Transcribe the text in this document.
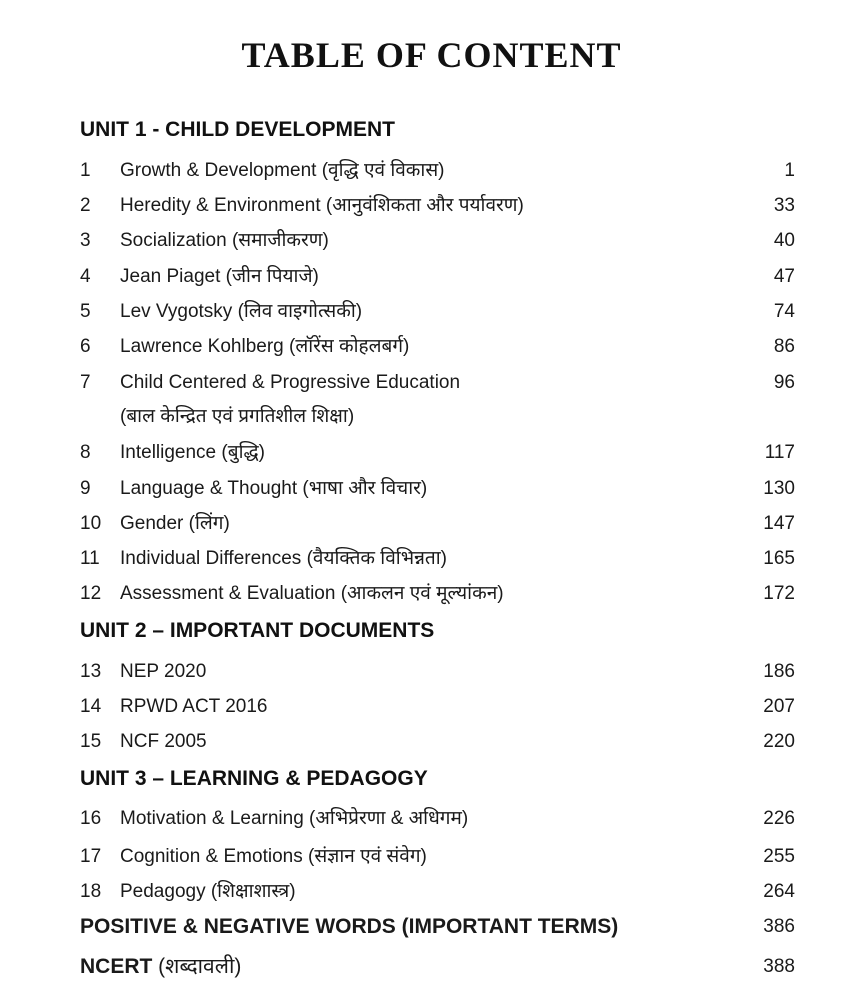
TABLE OF CONTENT
UNIT 1 - CHILD DEVELOPMENT
1 Growth & Development (वृद्धि एवं विकास)	1
2 Heredity & Environment (आनुवंशिकता और पर्यावरण)	33
3 Socialization (समाजीकरण)	40
4 Jean Piaget (जीन पियाजे)	47
5 Lev Vygotsky (लिव वाइगोत्सकी)	74
6 Lawrence Kohlberg (लॉरेंस कोहलबर्ग)	86
7 Child Centered & Progressive Education	96
(बाल केन्द्रित एवं प्रगतिशील शिक्षा)
8 Intelligence (बुद्धि)	117
9 Language & Thought (भाषा और विचार)	130
10 Gender (लिंग)	147
11 Individual Differences (वैयक्तिक विभिन्नता)	165
12 Assessment & Evaluation (आकलन एवं मूल्यांकन)	172
UNIT 2 – IMPORTANT DOCUMENTS
13 NEP 2020	186
14 RPWD ACT 2016	207
15 NCF 2005	220
UNIT 3 – LEARNING & PEDAGOGY
16 Motivation & Learning (अभिप्रेरणा & अधिगम)	226
17 Cognition & Emotions (संज्ञान एवं संवेग)	255
18 Pedagogy (शिक्षाशास्त्र)	264
POSITIVE & NEGATIVE WORDS (IMPORTANT TERMS)	386
NCERT (शब्दावली)	388
